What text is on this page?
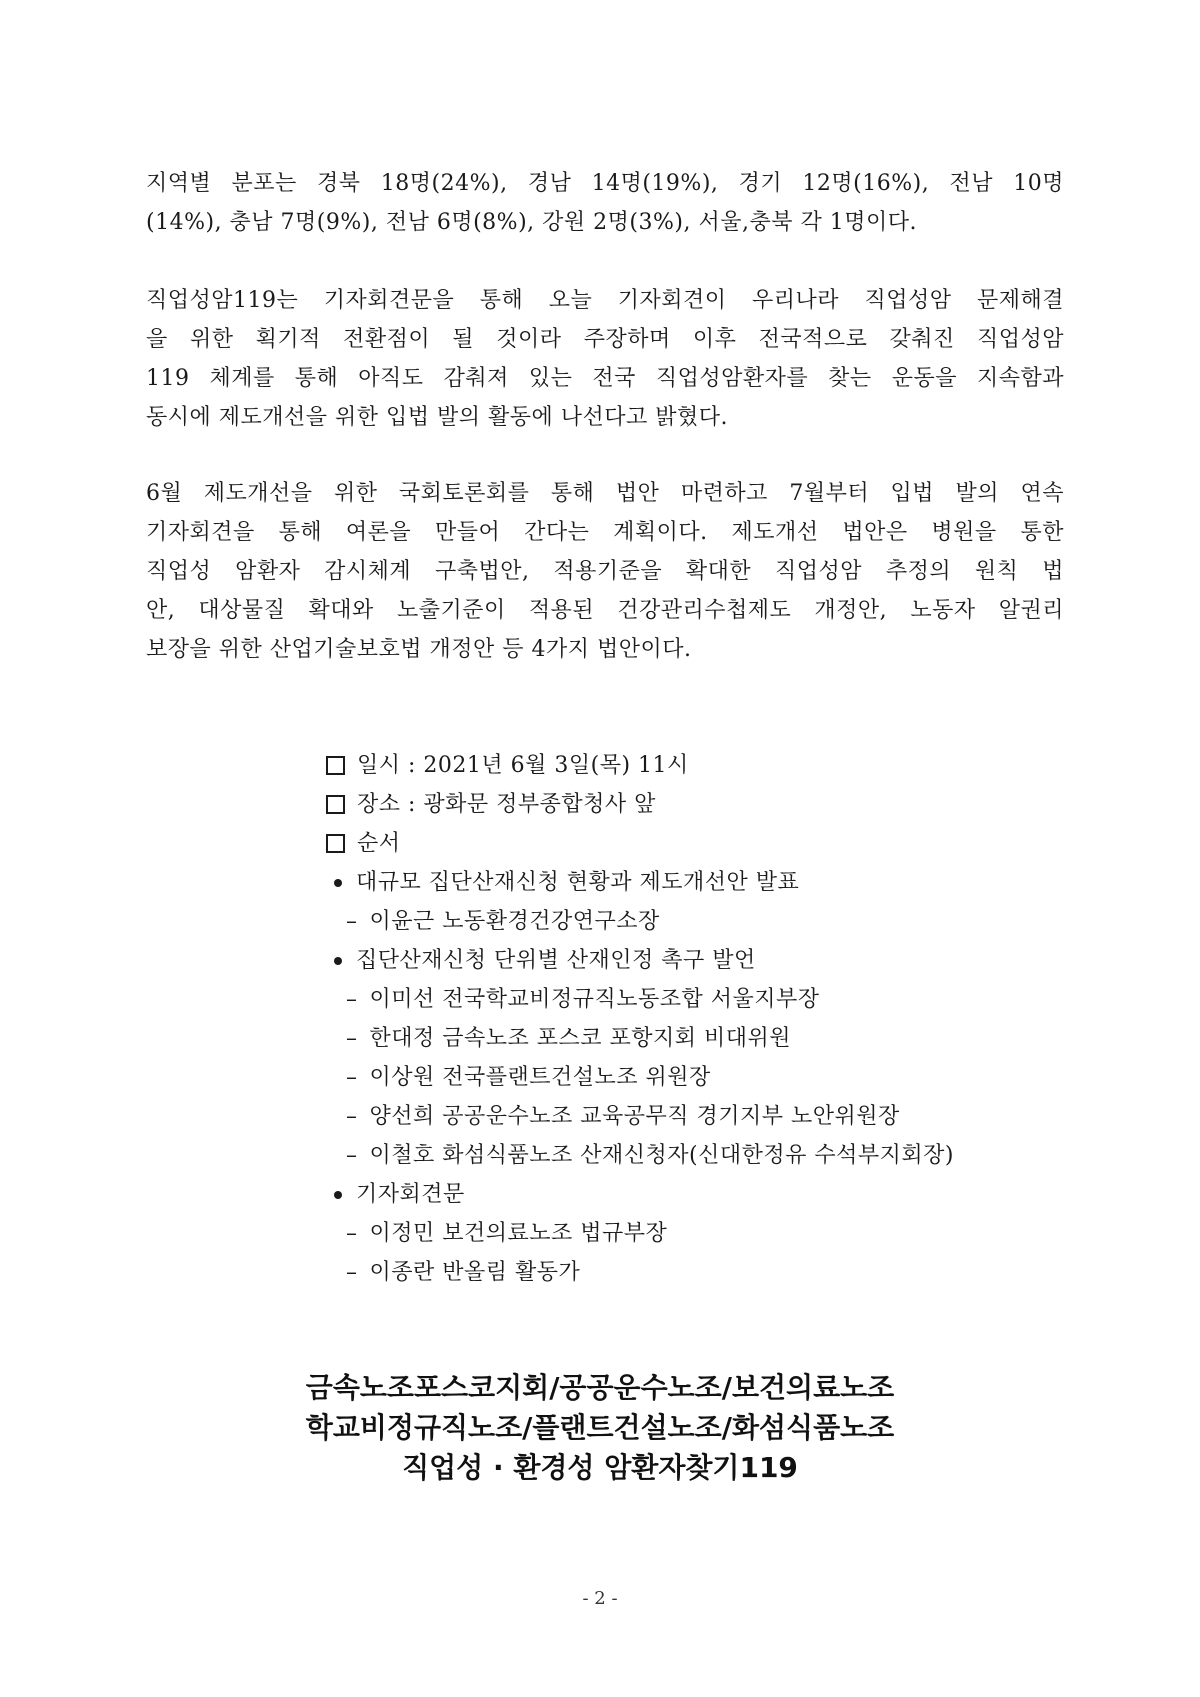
지역별 분포는 경북 18명(24%), 경남 14명(19%), 경기 12명(16%), 전남 10명
(14%), 충남 7명(9%), 전남 6명(8%), 강원 2명(3%), 서울,충북 각 1명이다.
직업성암119는 기자회견문을 통해 오늘 기자회견이 우리나라 직업성암 문제해결
을 위한 획기적 전환점이 될 것이라 주장하며 이후 전국적으로 갖춰진 직업성암
119 체계를 통해 아직도 감춰져 있는 전국 직업성암환자를 찾는 운동을 지속함과
동시에 제도개선을 위한 입법 발의 활동에 나선다고 밝혔다.
6월 제도개선을 위한 국회토론회를 통해 법안 마련하고 7월부터 입법 발의 연속
기자회견을 통해 여론을 만들어 간다는 계획이다. 제도개선 법안은 병원을 통한
직업성 암환자 감시체계 구축법안, 적용기준을 확대한 직업성암 추정의 원칙 법
안, 대상물질 확대와 노출기준이 적용된 건강관리수첩제도 개정안, 노동자 알권리
보장을 위한 산업기술보호법 개정안 등 4가지 법안이다.
일시 : 2021년 6월 3일(목) 11시
장소 : 광화문 정부종합청사 앞
순서
대규모 집단산재신청 현황과 제도개선안 발표
– 이윤근 노동환경건강연구소장
집단산재신청 단위별 산재인정 촉구 발언
– 이미선 전국학교비정규직노동조합 서울지부장
– 한대정 금속노조 포스코 포항지회 비대위원
– 이상원 전국플랜트건설노조 위원장
– 양선희 공공운수노조 교육공무직 경기지부 노안위원장
– 이철호 화섬식품노조 산재신청자(신대한정유 수석부지회장)
기자회견문
– 이정민 보건의료노조 법규부장
– 이종란 반올림 활동가
금속노조포스코지회/공공운수노조/보건의료노조
학교비정규직노조/플랜트건설노조/화섬식품노조
직업성 · 환경성 암환자찾기119
- 2 -
